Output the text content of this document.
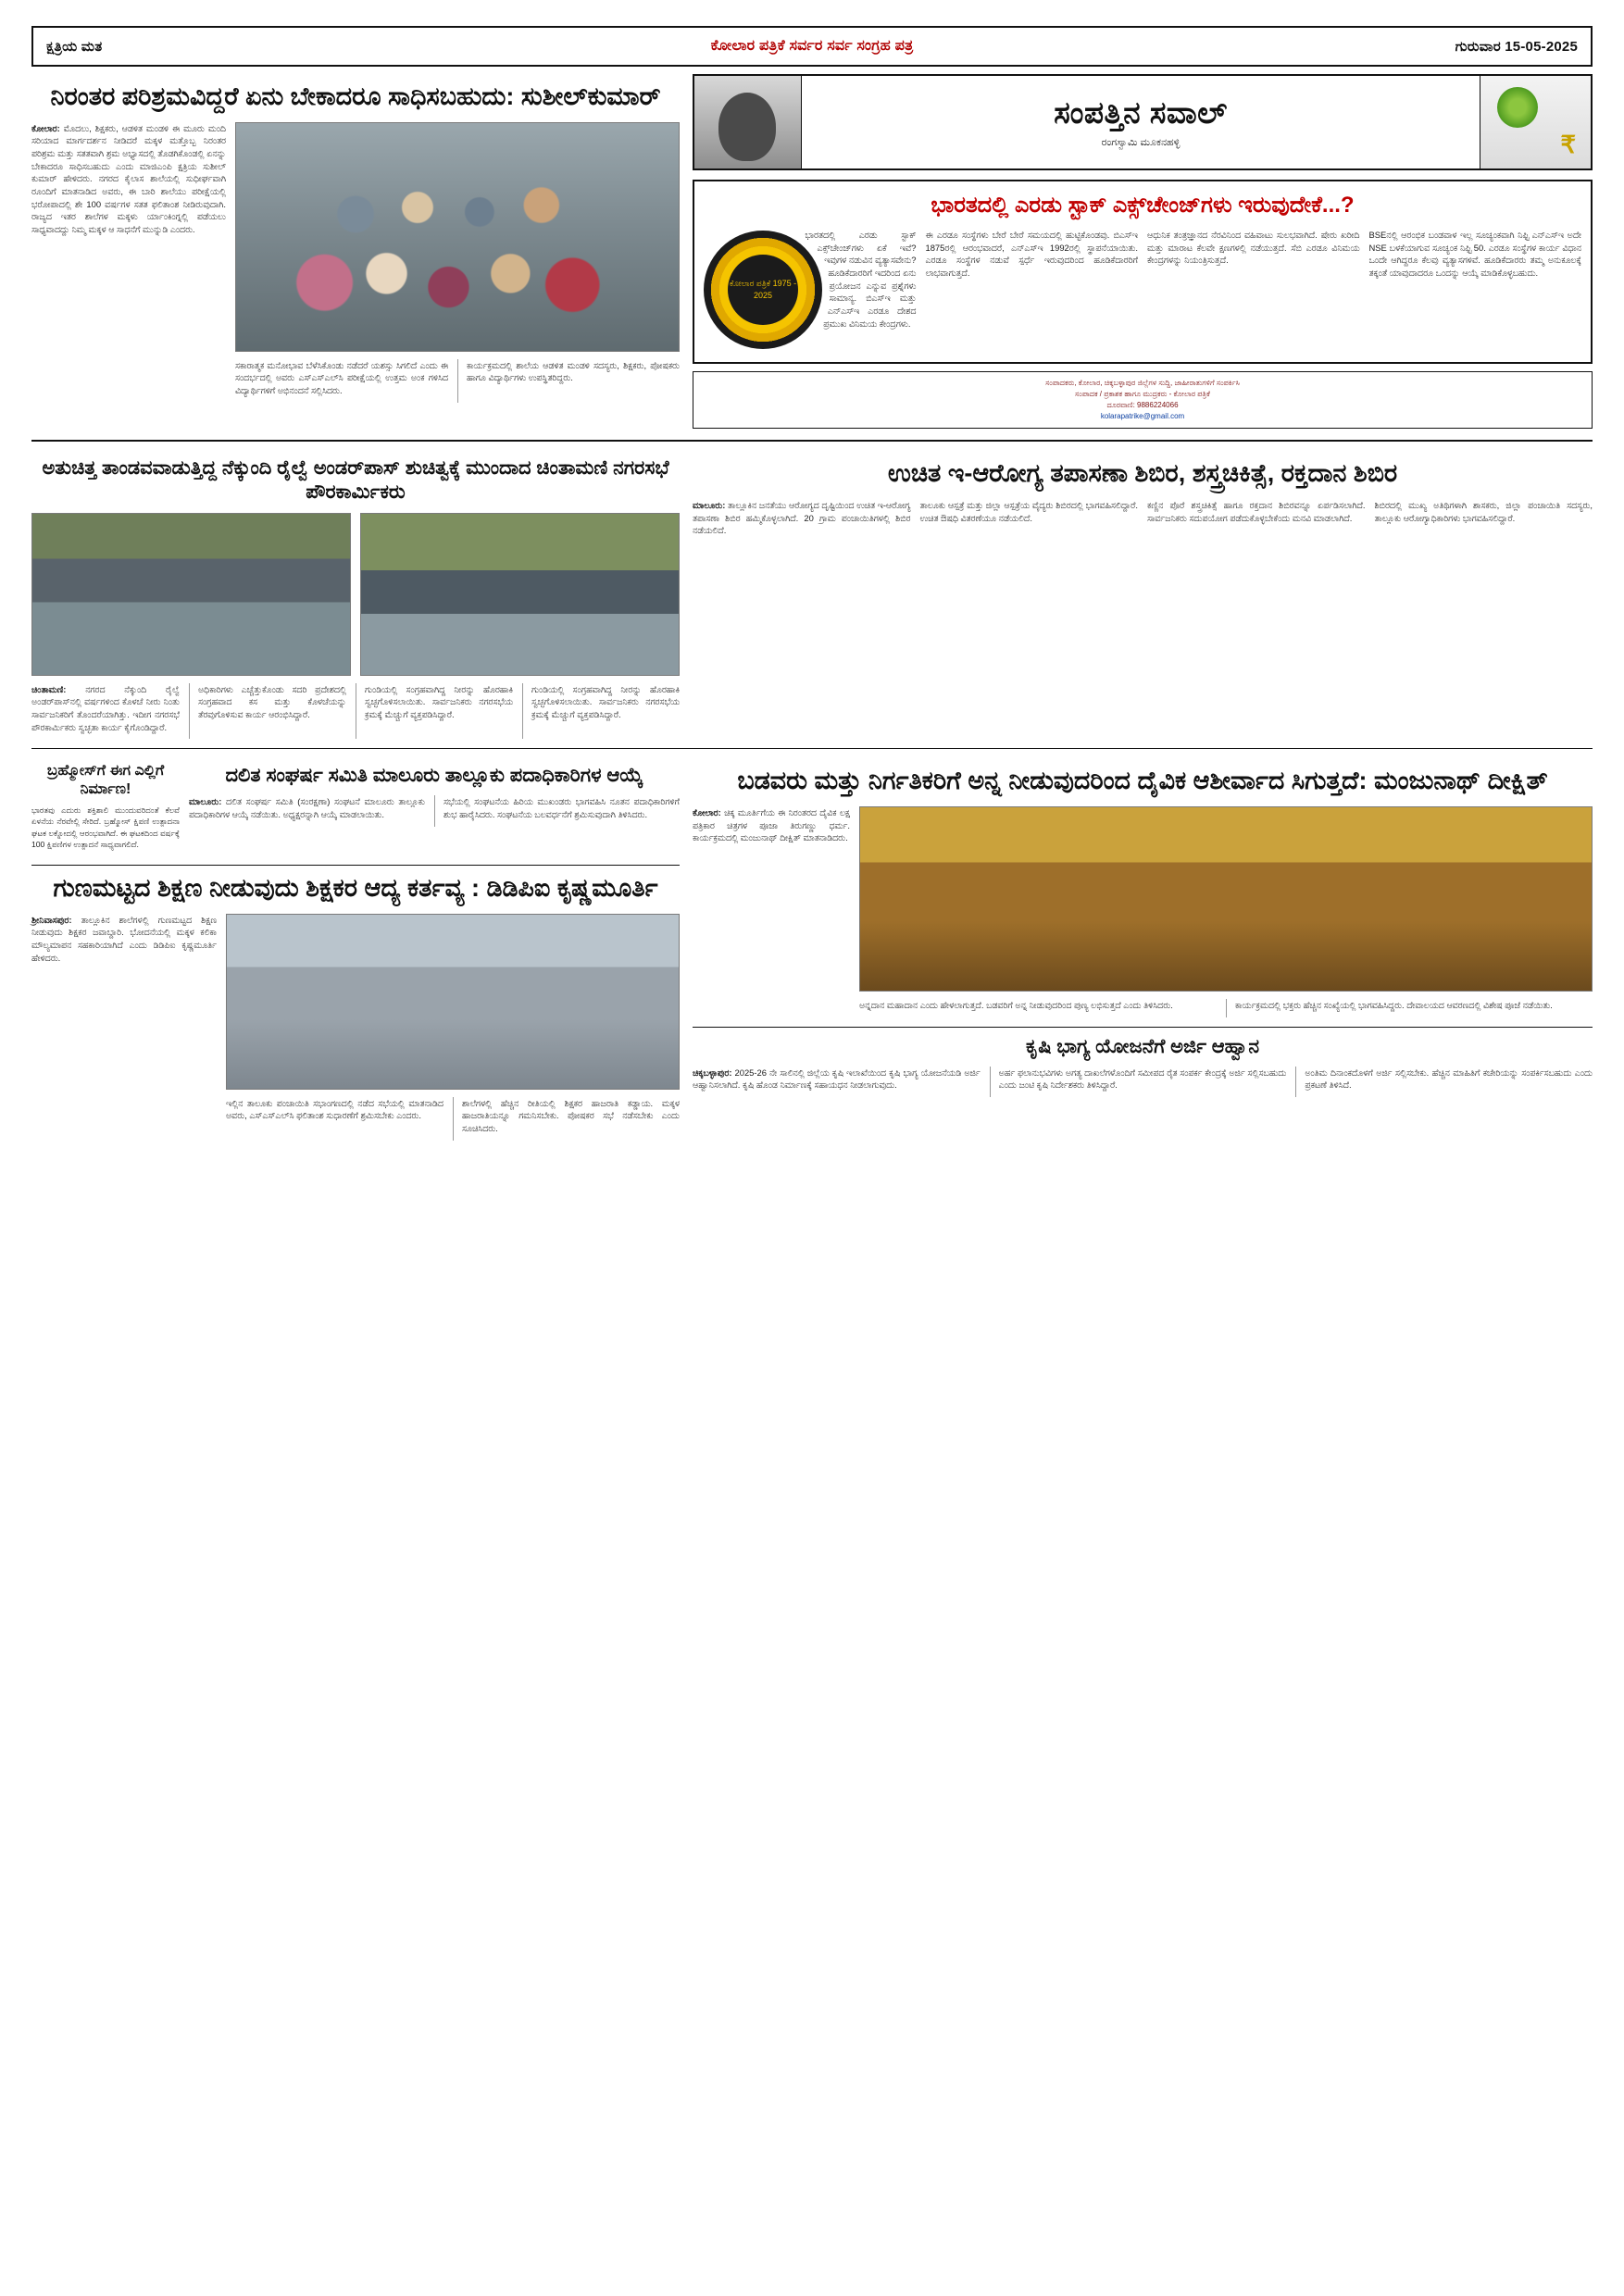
ಕ್ಷತ್ರಿಯ ಮತ	ಕೋಲಾರ ಪತ್ರಿಕೆ ಸರ್ವರ ಸರ್ವ ಸಂಗ್ರಹ ಪತ್ರ	ಗುರುವಾರ 15-05-2025
ನಿರಂತರ ಪರಿಶ್ರಮವಿದ್ದರೆ ಏನು ಬೇಕಾದರೂ ಸಾಧಿಸಬಹುದು: ಸುಶೀಲ್‌ಕುಮಾರ್

ಕೋಲಾರ: ಮೊದಲು, ಶಿಕ್ಷಕರು, ಆಡಳಿತ ಮಂಡಳಿ ಈ ಮೂರು ಮಂದಿ ಸರಿಯಾದ ಮಾರ್ಗದರ್ಶನ ನೀಡಿದರೆ ಮಕ್ಕಳ ಮತ್ತೊಬ್ಬ ನಿರಂತರ ಪರಿಶ್ರಮ ಮತ್ತು ಸತತವಾಗಿ ಶ್ರಮ ಅಭ್ಯಾಸದಲ್ಲಿ ತೊಡಗಿಕೊಂಡಲ್ಲಿ ಏನನ್ನು ಬೇಕಾದರೂ ಸಾಧಿಸಬಹುದು ಎಂದು ಮಾಜಿಎಂಪಿ ಕ್ಷತ್ರಿಯ ಸುಶೀಲ್ ಕುಮಾರ್ ಹೇಳಿದರು. ನಗರದ ಕೈಲಾಸ ಶಾಲೆಯಲ್ಲಿ ಸುಧೀರ್ಘವಾಗಿ ರೂಂದಿಗೆ ಮಾತನಾಡಿದ ಅವರು, ಈ ಬಾರಿ ಶಾಲೆಯು ಪರೀಕ್ಷೆಯಲ್ಲಿ ಭರೋಪಾದಲ್ಲಿ ಶೇ 100 ವರ್ಷಗಳ ಸತತ ಫಲಿತಾಂಶ ನೀಡಿರುವುದಾಗಿ. ರಾಜ್ಯದ ಇತರ ಶಾಲೆಗಳ ಮಕ್ಕಳು ರ್ಯಾಂಕಿಂಗ್ನಲ್ಲಿ ಪಡೆಯಲು ಸಾಧ್ಯವಾದದ್ದು ನಿಮ್ಮ ಮಕ್ಕಳ ಆ ಸಾಧನೆಗೆ ಮುನ್ನುಡಿ ಎಂದರು.

ಸಕಾರಾತ್ಮಕ ಮನೋಭಾವ ಬೆಳೆಸಿಕೊಂಡು ನಡೆದರೆ ಯಶಸ್ಸು ಸಿಗಲಿದೆ ಎಂದು ಈ ಸಂದರ್ಭದಲ್ಲಿ ಅವರು ಎಸ್‌ಎಸ್‌ಎಲ್‌ಸಿ ಪರೀಕ್ಷೆಯಲ್ಲಿ ಉತ್ತಮ ಅಂಕ ಗಳಿಸಿದ ವಿದ್ಯಾರ್ಥಿಗಳಿಗೆ ಅಭಿನಂದನೆ ಸಲ್ಲಿಸಿದರು.

ಕಾರ್ಯಕ್ರಮದಲ್ಲಿ ಶಾಲೆಯ ಆಡಳಿತ ಮಂಡಳಿ ಸದಸ್ಯರು, ಶಿಕ್ಷಕರು, ಪೋಷಕರು ಹಾಗೂ ವಿದ್ಯಾರ್ಥಿಗಳು ಉಪಸ್ಥಿತರಿದ್ದರು.

ಸಂಪತ್ತಿನ ಸವಾಲ್
ರಂಗಸ್ವಾಮಿ ಮೂಕನಹಳ್ಳಿ
₹
ಭಾರತದಲ್ಲಿ ಎರಡು ಸ್ಟಾಕ್ ಎಕ್ಸ್‌ಚೇಂಜ್‌ಗಳು ಇರುವುದೇಕೆ...?
ಕೋಲಾರ ಪತ್ರಿಕೆ 1975 - 2025

ಭಾರತದಲ್ಲಿ ಎರಡು ಸ್ಟಾಕ್ ಎಕ್ಸ್‌ಚೇಂಜ್‌ಗಳು ಏಕೆ ಇವೆ? ಇವುಗಳ ನಡುವಿನ ವ್ಯತ್ಯಾಸವೇನು? ಹೂಡಿಕೆದಾರರಿಗೆ ಇದರಿಂದ ಏನು ಪ್ರಯೋಜನ ಎನ್ನುವ ಪ್ರಶ್ನೆಗಳು ಸಾಮಾನ್ಯ. ಬಿಎಸ್‌ಇ ಮತ್ತು ಎನ್‌ಎಸ್‌ಇ ಎರಡೂ ದೇಶದ ಪ್ರಮುಖ ವಿನಿಮಯ ಕೇಂದ್ರಗಳು.

ಈ ಎರಡೂ ಸಂಸ್ಥೆಗಳು ಬೇರೆ ಬೇರೆ ಸಮಯದಲ್ಲಿ ಹುಟ್ಟಿಕೊಂಡವು. ಬಿಎಸ್‌ಇ 1875ರಲ್ಲಿ ಆರಂಭವಾದರೆ, ಎನ್‌ಎಸ್‌ಇ 1992ರಲ್ಲಿ ಸ್ಥಾಪನೆಯಾಯಿತು. ಎರಡೂ ಸಂಸ್ಥೆಗಳ ನಡುವೆ ಸ್ಪರ್ಧೆ ಇರುವುದರಿಂದ ಹೂಡಿಕೆದಾರರಿಗೆ ಲಾಭವಾಗುತ್ತದೆ.

ಆಧುನಿಕ ತಂತ್ರಜ್ಞಾನದ ನೆರವಿನಿಂದ ವಹಿವಾಟು ಸುಲಭವಾಗಿದೆ. ಷೇರು ಖರೀದಿ ಮತ್ತು ಮಾರಾಟ ಕೆಲವೇ ಕ್ಷಣಗಳಲ್ಲಿ ನಡೆಯುತ್ತದೆ. ಸೆಬಿ ಎರಡೂ ವಿನಿಮಯ ಕೇಂದ್ರಗಳನ್ನು ನಿಯಂತ್ರಿಸುತ್ತದೆ.

BSEನಲ್ಲಿ ಆರಂಭಿಕ ಬಂಡವಾಳ ಇಲ್ಲ ಸೂಚ್ಯಂಕವಾಗಿ ನಿಫ್ಟಿ ಎನ್‌ಎಸ್‌ಇ ಅದೇ NSE ಬಳಕೆಯಾಗುವ ಸೂಚ್ಯಂಕ ನಿಫ್ಟಿ 50. ಎರಡೂ ಸಂಸ್ಥೆಗಳ ಕಾರ್ಯ ವಿಧಾನ ಒಂದೇ ಆಗಿದ್ದರೂ ಕೆಲವು ವ್ಯತ್ಯಾಸಗಳಿವೆ. ಹೂಡಿಕೆದಾರರು ತಮ್ಮ ಅನುಕೂಲಕ್ಕೆ ತಕ್ಕಂತೆ ಯಾವುದಾದರೂ ಒಂದನ್ನು ಆಯ್ಕೆ ಮಾಡಿಕೊಳ್ಳಬಹುದು.

ಸಂಪಾದಕರು, ಕೋಲಾರ, ಚಿಕ್ಕಬಳ್ಳಾಪುರ ಜಿಲ್ಲೆಗಳ ಸುದ್ದಿ, ಜಾಹೀರಾತುಗಳಿಗೆ ಸಂಪರ್ಕಿಸಿ
ಸಂಪಾದಕ / ಪ್ರಕಾಶಕ ಹಾಗೂ ಮುದ್ರಕರು - ಕೋಲಾರ ಪತ್ರಿಕೆ
ದೂರವಾಣಿ: 9886224066
kolarapatrike@gmail.com
ಅತುಚಿತ್ತ ತಾಂಡವವಾಡುತ್ತಿದ್ದ ನೆಕ್ಕುಂದಿ ರೈಲ್ವೆ ಅಂಡರ್‌ಪಾಸ್ ಶುಚಿತ್ವಕ್ಕೆ ಮುಂದಾದ ಚಿಂತಾಮಣಿ ನಗರಸಭೆ ಪೌರಕಾರ್ಮಿಕರು

ಚಿಂತಾಮಣಿ: ನಗರದ ನೆಕ್ಕುಂದಿ ರೈಲ್ವೆ ಅಂಡರ್‌ಪಾಸ್‌ನಲ್ಲಿ ವರ್ಷಗಳಿಂದ ಕೊಳಚೆ ನೀರು ನಿಂತು ಸಾರ್ವಜನಿಕರಿಗೆ ತೊಂದರೆಯಾಗಿತ್ತು. ಇದೀಗ ನಗರಸಭೆ ಪೌರಕಾರ್ಮಿಕರು ಸ್ವಚ್ಛತಾ ಕಾರ್ಯ ಕೈಗೊಂಡಿದ್ದಾರೆ.

ಅಧಿಕಾರಿಗಳು ಎಚ್ಚೆತ್ತುಕೊಂಡು ಸದರಿ ಪ್ರದೇಶದಲ್ಲಿ ಸಂಗ್ರಹವಾದ ಕಸ ಮತ್ತು ಕೊಳಚೆಯನ್ನು ತೆರವುಗೊಳಿಸುವ ಕಾರ್ಯ ಆರಂಭಿಸಿದ್ದಾರೆ.

ಗುಂಡಿಯಲ್ಲಿ ಸಂಗ್ರಹವಾಗಿದ್ದ ನೀರನ್ನು ಹೊರಹಾಕಿ ಸ್ವಚ್ಛಗೊಳಿಸಲಾಯಿತು. ಸಾರ್ವಜನಿಕರು ನಗರಸಭೆಯ ಕ್ರಮಕ್ಕೆ ಮೆಚ್ಚುಗೆ ವ್ಯಕ್ತಪಡಿಸಿದ್ದಾರೆ.

ಗುಂಡಿಯಲ್ಲಿ ಸಂಗ್ರಹವಾಗಿದ್ದ ನೀರನ್ನು ಹೊರಹಾಕಿ ಸ್ವಚ್ಛಗೊಳಿಸಲಾಯಿತು. ಸಾರ್ವಜನಿಕರು ನಗರಸಭೆಯ ಕ್ರಮಕ್ಕೆ ಮೆಚ್ಚುಗೆ ವ್ಯಕ್ತಪಡಿಸಿದ್ದಾರೆ.

ಉಚಿತ ಇ-ಆರೋಗ್ಯ ತಪಾಸಣಾ ಶಿಬಿರ, ಶಸ್ತ್ರಚಿಕಿತ್ಸೆ, ರಕ್ತದಾನ ಶಿಬಿರ

ಮಾಲೂರು: ತಾಲ್ಲೂಕಿನ ಜನತೆಯು ಆರೋಗ್ಯದ ದೃಷ್ಟಿಯಿಂದ ಉಚಿತ ಇ-ಆರೋಗ್ಯ ತಪಾಸಣಾ ಶಿಬಿರ ಹಮ್ಮಿಕೊಳ್ಳಲಾಗಿದೆ. 20 ಗ್ರಾಮ ಪಂಚಾಯಿತಿಗಳಲ್ಲಿ ಶಿಬಿರ ನಡೆಯಲಿದೆ.

ತಾಲೂಕು ಆಸ್ಪತ್ರೆ ಮತ್ತು ಜಿಲ್ಲಾ ಆಸ್ಪತ್ರೆಯ ವೈದ್ಯರು ಶಿಬಿರದಲ್ಲಿ ಭಾಗವಹಿಸಲಿದ್ದಾರೆ. ಉಚಿತ ಔಷಧಿ ವಿತರಣೆಯೂ ನಡೆಯಲಿದೆ.

ಕಣ್ಣಿನ ಪೊರೆ ಶಸ್ತ್ರಚಿಕಿತ್ಸೆ ಹಾಗೂ ರಕ್ತದಾನ ಶಿಬಿರವನ್ನೂ ಏರ್ಪಡಿಸಲಾಗಿದೆ. ಸಾರ್ವಜನಿಕರು ಸದುಪಯೋಗ ಪಡೆದುಕೊಳ್ಳಬೇಕೆಂದು ಮನವಿ ಮಾಡಲಾಗಿದೆ.

ಶಿಬಿರದಲ್ಲಿ ಮುಖ್ಯ ಅತಿಥಿಗಳಾಗಿ ಶಾಸಕರು, ಜಿಲ್ಲಾ ಪಂಚಾಯಿತಿ ಸದಸ್ಯರು, ತಾಲ್ಲೂಕು ಆರೋಗ್ಯಾಧಿಕಾರಿಗಳು ಭಾಗವಹಿಸಲಿದ್ದಾರೆ.

ಬ್ರಹ್ಮೋಸ್‌ಗೆ ಈಗ ಎಲ್ಲಿಗೆ ನಿರ್ಮಾಣ!

ಭಾರತವು ಎದುರು ಶಕ್ತಿಶಾಲಿ ಮುಂದುವರಿದಂತೆ ಕೆಲವೆ ಏಳನೆಯ ನೆರವೇಲ್ಲಿ ಸೇರಿದೆ. ಬ್ರಹ್ಮೋಸ್ ಕ್ಷಿಪಣಿ ಉತ್ಪಾದನಾ ಘಟಕ ಲಕ್ನೋದಲ್ಲಿ ಆರಂಭವಾಗಿದೆ. ಈ ಘಟಕದಿಂದ ವರ್ಷಕ್ಕೆ 100 ಕ್ಷಿಪಣಿಗಳ ಉತ್ಪಾದನೆ ಸಾಧ್ಯವಾಗಲಿದೆ.

ದಲಿತ ಸಂಘರ್ಷ ಸಮಿತಿ ಮಾಲೂರು ತಾಲ್ಲೂಕು ಪದಾಧಿಕಾರಿಗಳ ಆಯ್ಕೆ

ಮಾಲೂರು: ದಲಿತ ಸಂಘರ್ಷ ಸಮಿತಿ (ಸಂರಕ್ಷಣಾ) ಸಂಘಟನೆ ಮಾಲೂರು ತಾಲ್ಲೂಕು ಪದಾಧಿಕಾರಿಗಳ ಆಯ್ಕೆ ನಡೆಯಿತು. ಅಧ್ಯಕ್ಷರನ್ನಾಗಿ ಆಯ್ಕೆ ಮಾಡಲಾಯಿತು.

ಸಭೆಯಲ್ಲಿ ಸಂಘಟನೆಯ ಹಿರಿಯ ಮುಖಂಡರು ಭಾಗವಹಿಸಿ ನೂತನ ಪದಾಧಿಕಾರಿಗಳಿಗೆ ಶುಭ ಹಾರೈಸಿದರು. ಸಂಘಟನೆಯ ಬಲವರ್ಧನೆಗೆ ಶ್ರಮಿಸುವುದಾಗಿ ತಿಳಿಸಿದರು.

ಗುಣಮಟ್ಟದ ಶಿಕ್ಷಣ ನೀಡುವುದು ಶಿಕ್ಷಕರ ಆದ್ಯ ಕರ್ತವ್ಯ : ಡಿಡಿಪಿಐ ಕೃಷ್ಣಮೂರ್ತಿ

ಶ್ರೀನಿವಾಸಪುರ: ತಾಲ್ಲೂಕಿನ ಶಾಲೆಗಳಲ್ಲಿ ಗುಣಮಟ್ಟದ ಶಿಕ್ಷಣ ನೀಡುವುದು ಶಿಕ್ಷಕರ ಜವಾಬ್ದಾರಿ. ಭೋದನೆಯಲ್ಲಿ ಮಕ್ಕಳ ಕಲಿಕಾ ಮೌಲ್ಯಮಾಪನ ಸಹಕಾರಿಯಾಗಿದೆ ಎಂದು ಡಿಡಿಪಿಐ ಕೃಷ್ಣಮೂರ್ತಿ ಹೇಳಿದರು.

ಇಲ್ಲಿನ ತಾಲೂಕು ಪಂಚಾಯಿತಿ ಸಭಾಂಗಣದಲ್ಲಿ ನಡೆದ ಸಭೆಯಲ್ಲಿ ಮಾತನಾಡಿದ ಅವರು, ಎಸ್‌ಎಸ್‌ಎಲ್‌ಸಿ ಫಲಿತಾಂಶ ಸುಧಾರಣೆಗೆ ಶ್ರಮಿಸಬೇಕು ಎಂದರು.

ಶಾಲೆಗಳಲ್ಲಿ ಹೆಚ್ಚಿನ ರೀತಿಯಲ್ಲಿ ಶಿಕ್ಷಕರ ಹಾಜರಾತಿ ಕಡ್ಡಾಯ. ಮಕ್ಕಳ ಹಾಜರಾತಿಯನ್ನೂ ಗಮನಿಸಬೇಕು. ಪೋಷಕರ ಸಭೆ ನಡೆಸಬೇಕು ಎಂದು ಸೂಚಿಸಿದರು.

ಬಡವರು ಮತ್ತು ನಿರ್ಗತಿಕರಿಗೆ ಅನ್ನ ನೀಡುವುದರಿಂದ ದೈವಿಕ ಆಶೀರ್ವಾದ ಸಿಗುತ್ತದೆ: ಮಂಜುನಾಥ್ ದೀಕ್ಷಿತ್

ಕೋಲಾರ: ಚಿಕ್ಕ ಮೂರ್ತಿಗೆಯ ಈ ನಿರಂತರದ ದೈವಿಕ ಲಕ್ಷ ಪತ್ರಿಕಾರ ಚಿತ್ರಗಳ ಪೂಜಾ ತಿರುಗಣ್ಣು ಧರ್ಮ. ಕಾರ್ಯಕ್ರಮದಲ್ಲಿ ಮಂಜುನಾಥ್ ದೀಕ್ಷಿತ್ ಮಾತನಾಡಿದರು.

ಅನ್ನದಾನ ಮಹಾದಾನ ಎಂದು ಹೇಳಲಾಗುತ್ತದೆ. ಬಡವರಿಗೆ ಅನ್ನ ನೀಡುವುದರಿಂದ ಪುಣ್ಯ ಲಭಿಸುತ್ತದೆ ಎಂದು ತಿಳಿಸಿದರು.	ಕಾರ್ಯಕ್ರಮದಲ್ಲಿ ಭಕ್ತರು ಹೆಚ್ಚಿನ ಸಂಖ್ಯೆಯಲ್ಲಿ ಭಾಗವಹಿಸಿದ್ದರು. ದೇವಾಲಯದ ಆವರಣದಲ್ಲಿ ವಿಶೇಷ ಪೂಜೆ ನಡೆಯಿತು.

ಕೃಷಿ ಭಾಗ್ಯ ಯೋಜನೆಗೆ ಅರ್ಜಿ ಆಹ್ವಾನ

ಚಿಕ್ಕಬಳ್ಳಾಪುರ: 2025-26 ನೇ ಸಾಲಿನಲ್ಲಿ ಜಿಲ್ಲೆಯ ಕೃಷಿ ಇಲಾಖೆಯಿಂದ ಕೃಷಿ ಭಾಗ್ಯ ಯೋಜನೆಯಡಿ ಅರ್ಜಿ ಆಹ್ವಾನಿಸಲಾಗಿದೆ. ಕೃಷಿ ಹೊಂಡ ನಿರ್ಮಾಣಕ್ಕೆ ಸಹಾಯಧನ ನೀಡಲಾಗುವುದು.

ಅರ್ಹ ಫಲಾನುಭವಿಗಳು ಅಗತ್ಯ ದಾಖಲೆಗಳೊಂದಿಗೆ ಸಮೀಪದ ರೈತ ಸಂಪರ್ಕ ಕೇಂದ್ರಕ್ಕೆ ಅರ್ಜಿ ಸಲ್ಲಿಸಬಹುದು ಎಂದು ಜಂಟಿ ಕೃಷಿ ನಿರ್ದೇಶಕರು ತಿಳಿಸಿದ್ದಾರೆ.

ಅಂತಿಮ ದಿನಾಂಕದೊಳಗೆ ಅರ್ಜಿ ಸಲ್ಲಿಸಬೇಕು. ಹೆಚ್ಚಿನ ಮಾಹಿತಿಗೆ ಕಚೇರಿಯನ್ನು ಸಂಪರ್ಕಿಸಬಹುದು ಎಂದು ಪ್ರಕಟಣೆ ತಿಳಿಸಿದೆ.
